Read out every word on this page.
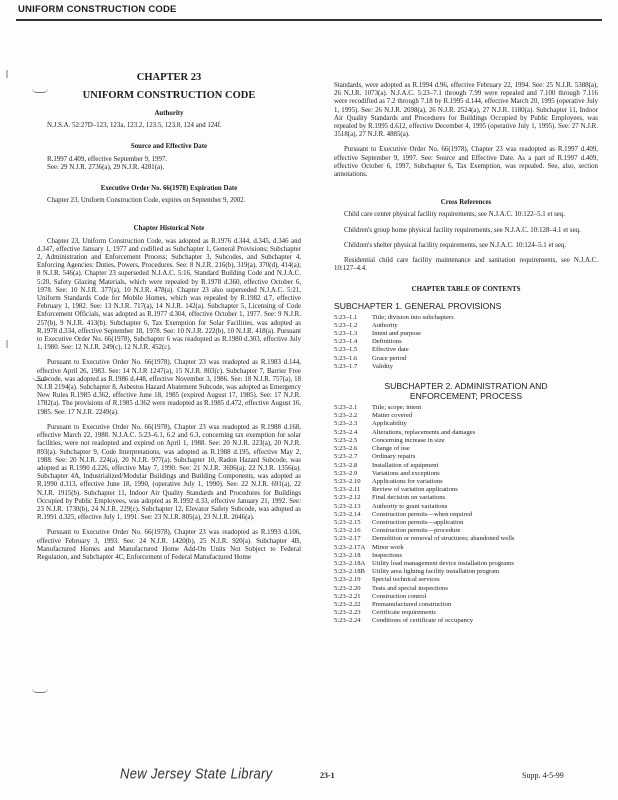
UNIFORM CONSTRUCTION CODE
CHAPTER 23
UNIFORM CONSTRUCTION CODE
Authority

N.J.S.A. 52:27D–123, 123a, 123.2, 123.5, 123.8, 124 and 124f.

Source and Effective Date

R.1997 d.409, effective September 9, 1997.

See: 29 N.J.R. 2736(a), 29 N.J.R. 4281(a).

Executive Order No. 66(1978) Expiration Date

Chapter 23, Uniform Construction Code, expires on September 9, 2002.

Chapter Historical Note

Chapter 23, Uniform Construction Code, was adopted as R.1976 d.344, d.345, d.346 and d.347, effective January 1, 1977 and codified as Subchapter 1, General Provisions; Subchapter 2, Administration and Enforcement Process; Subchapter 3, Subcodes, and Subchapter 4, Enforcing Agencies: Duties, Powers, Procedures. See: 8 N.J.R. 216(b), 319(a), 370(d), 414(a); 8 N.J.R. 546(a). Chapter 23 superseded N.J.A.C. 5:16, Standard Building Code and N.J.A.C. 5:20, Safety Glazing Materials, which were repealed by R.1978 d.360, effective October 6, 1978. See: 10 N.J.R. 377(a), 10 N.J.R. 478(a). Chapter 23 also superseded N.J.A.C. 5:21, Uniform Standards Code for Mobile Homes, which was repealed by R.1982 d.7, effective February 1, 1982. See: 13 N.J.R. 717(a), 14 N.J.R. 142(a). Subchapter 5, Licensing of Code Enforcement Officials, was adopted as R.1977 d.304, effective October 1, 1977. See: 9 N.J.R. 257(b), 9 N.J.R. 413(b). Subchapter 6, Tax Exemption for Solar Facilities, was adopted as R.1978 d.334, effective September 18, 1978. See: 10 N.J.R. 222(b), 10 N.J.R. 418(a). Pursuant to Executive Order No. 66(1978), Subchapter 6 was readopted as R.1980 d.303, effective July 1, 1980. See: 12 N.J.R. 249(c), 12 N.J.R. 452(c).

Pursuant to Executive Order No. 66(1978), Chapter 23 was readopted as R.1983 d.144, effective April 26, 1983. See: 14 N.J.R 1247(a), 15 N.J.R. 803(c). Subchapter 7, Barrier Free Subcode, was adopted as R.1986 d.448, effective November 3, 1986. See: 18 N.J.R. 757(a), 18 N.J.R 2194(a). Subchapter 8, Asbestos Hazard Abatement Subcode, was adopted as Emergency New Rules R.1985 d.362, effective June 18, 1985 (expired August 17, 1985). See: 17 N.J.R. 1782(a). The provisions of R.1985 d.362 were readopted as R.1985 d.472, effective August 16, 1985. See: 17 N.J.R. 2249(a).

Pursuant to Executive Order No. 66(1978), Chapter 23 was readopted as R.1988 d.168, effective March 22, 1988. N.J.A.C. 5:23–6.1, 6.2 and 6.3, concerning tax exemption for solar facilities, were not readopted and expired on April 1, 1988. See: 20 N.J.R. 223(a), 20 N.J.R. 893(a). Subchapter 9, Code Interpretations, was adopted as R.1988 d.195, effective May 2, 1988. See: 20 N.J.R. 224(a), 20 N.J.R. 977(a). Subchapter 10, Radon Hazard Subcode, was adopted as R.1990 d.226, effective May 7, 1990. See: 21 N.J.R. 3696(a), 22 N.J.R. 1356(a). Subchapter 4A, Industrialized/Modular Buildings and Building Components, was adopted as R.1990 d.313, effective June 18, 1990, (operative July 1, 1990). See: 22 N.J.R. 691(a), 22 N.J.R. 1915(b). Subchapter 11, Indoor Air Quality Standards and Procedures for Buildings Occupied by Public Employees, was adopted as R.1992 d.33, effective January 21, 1992. See: 23 N.J.R. 1730(b), 24 N.J.R. 229(c). Subchapter 12, Elevator Safety Subcode, was adopted as R.1991 d.325, effective July 1, 1991. See: 23 N.J.R. 805(a), 23 N.J.R. 2046(a).

Pursuant to Executive Order No. 66(1978), Chapter 23 was readopted as R.1993 d.106, effective February 3, 1993. See: 24 N.J.R. 1420(b), 25 N.J.R. 920(a). Subchapter 4B, Manufactured Homes and Manufactured Home Add-On Units Not Subject to Federal Regulation, and Subchapter 4C, Enforcement of Federal Manufactured Home

Standards, were adopted as R.1994 d.96, effective February 22, 1994. See: 25 N.J.R. 5388(a), 26 N.J.R. 1073(a). N.J.A.C. 5:23–7.1 through 7.99 were repealed and 7.100 through 7.116 were recodified as 7.2 through 7.18 by R.1995 d.144, effective March 20, 1995 (operative July 1, 1995). See: 26 N.J.R. 2698(a), 26 N.J.R. 2524(a), 27 N.J.R. 1180(a). Subchapter 11, Indoor Air Quality Standards and Procedures for Buildings Occupied by Public Employees, was repealed by R.1995 d.612, effective December 4, 1995 (operative July 1, 1995). See: 27 N.J.R. 3518(a), 27 N.J.R. 4885(a).

Pursuant to Executive Order No. 66(1978), Chapter 23 was readopted as R.1997 d.409, effective September 9, 1997. See: Source and Effective Date. As a part of R.1997 d.409, effective October 6, 1997, Subchapter 6, Tax Exemption, was repealed. See, also, section annotations.

Cross References

Child care center physical facility requirements, see N.J.A.C. 10:122–5.1 et seq.

Children's group home physical facility requirements, see N.J.A.C. 10:128–4.1 et seq.

Children's shelter physical facility requirements, see N.J.A.C. 10:124–5.1 et seq.

Residential child care facility maintenance and sanitation requirements, see N.J.A.C. 10:127–4.4.

CHAPTER TABLE OF CONTENTS
SUBCHAPTER 1. GENERAL PROVISIONS
5:23–1.1	Title; division into subchapters
5:23–1.2	Authority
5:23–1.3	Intent and purpose
5:23–1.4	Definitions
5:23–1.5	Effective date
5:23–1.6	Grace period
5:23–1.7	Validity
SUBCHAPTER 2. ADMINISTRATION AND
ENFORCEMENT; PROCESS
5:23–2.1	Title; scope; intent
5:23–2.2	Matter covered
5:23–2.3	Applicability
5:23–2.4	Alterations, replacements and damages
5:23–2.5	Concerning increase in size
5:23–2.6	Change of use
5:23–2.7	Ordinary repairs
5:23–2.8	Installation of equipment
5:23–2.9	Variations and exceptions
5:23–2.10	Applications for variations
5:23–2.11	Review of variation applications
5:23–2.12	Final decision on variations
5:23–2.13	Authority to grant variations
5:23–2.14	Construction permits—when required
5:23–2.15	Construction permits—application
5:23–2.16	Construction permits—procedure
5:23–2.17	Demolition or removal of structures; abandoned wells
5:23–2.17A	Minor work
5:23–2.18	Inspections
5:23–2.18A	Utility load management device installation programs
5:23–2.18B	Utility area lighting facility installation program
5:23–2.19	Special technical services
5:23–2.20	Tests and special inspections
5:23–2.21	Construction control
5:23–2.22	Premanufactured construction
5:23–2.23	Certificate requirements
5:23–2.24	Conditions of certificate of occupancy
New Jersey State Library	23-1	Supp. 4-5-99
